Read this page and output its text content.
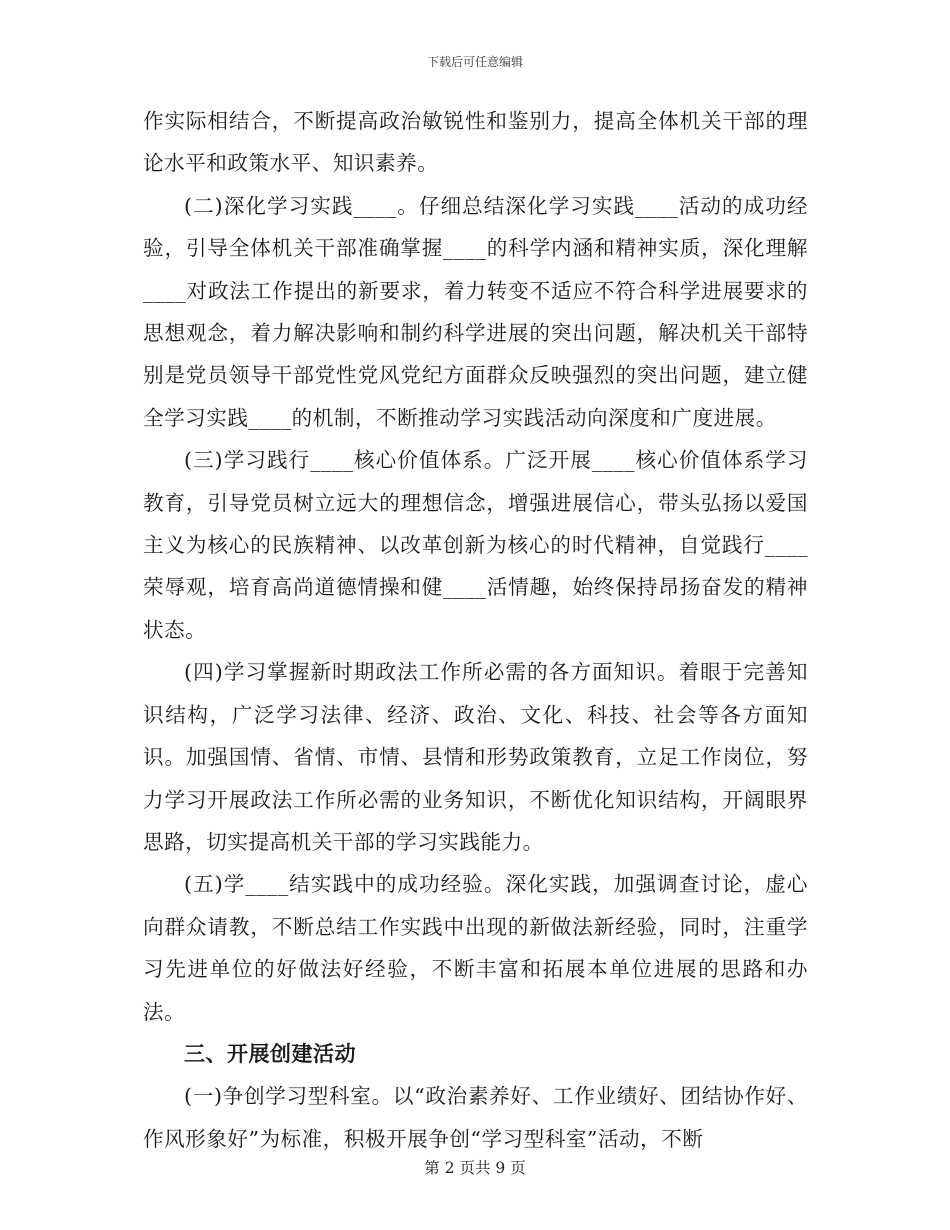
下载后可任意编辑

作实际相结合，不断提高政治敏锐性和鉴别力，提高全体机关干部的理论水平和政策水平、知识素养。

(二)深化学习实践____。仔细总结深化学习实践____活动的成功经验，引导全体机关干部准确掌握____的科学内涵和精神实质，深化理解____对政法工作提出的新要求，着力转变不适应不符合科学进展要求的思想观念，着力解决影响和制约科学进展的突出问题，解决机关干部特别是党员领导干部党性党风党纪方面群众反映强烈的突出问题，建立健全学习实践____的机制，不断推动学习实践活动向深度和广度进展。

(三)学习践行____核心价值体系。广泛开展____核心价值体系学习教育，引导党员树立远大的理想信念，增强进展信心，带头弘扬以爱国主义为核心的民族精神、以改革创新为核心的时代精神，自觉践行____荣辱观，培育高尚道德情操和健____活情趣，始终保持昂扬奋发的精神状态。

(四)学习掌握新时期政法工作所必需的各方面知识。着眼于完善知识结构，广泛学习法律、经济、政治、文化、科技、社会等各方面知识。加强国情、省情、市情、县情和形势政策教育，立足工作岗位，努力学习开展政法工作所必需的业务知识，不断优化知识结构，开阔眼界思路，切实提高机关干部的学习实践能力。

(五)学____结实践中的成功经验。深化实践，加强调查讨论，虚心向群众请教，不断总结工作实践中出现的新做法新经验，同时，注重学习先进单位的好做法好经验，不断丰富和拓展本单位进展的思路和办法。

三、开展创建活动

(一)争创学习型科室。以“政治素养好、工作业绩好、团结协作好、作风形象好”为标准，积极开展争创“学习型科室”活动，不断

第 2 页共 9 页
